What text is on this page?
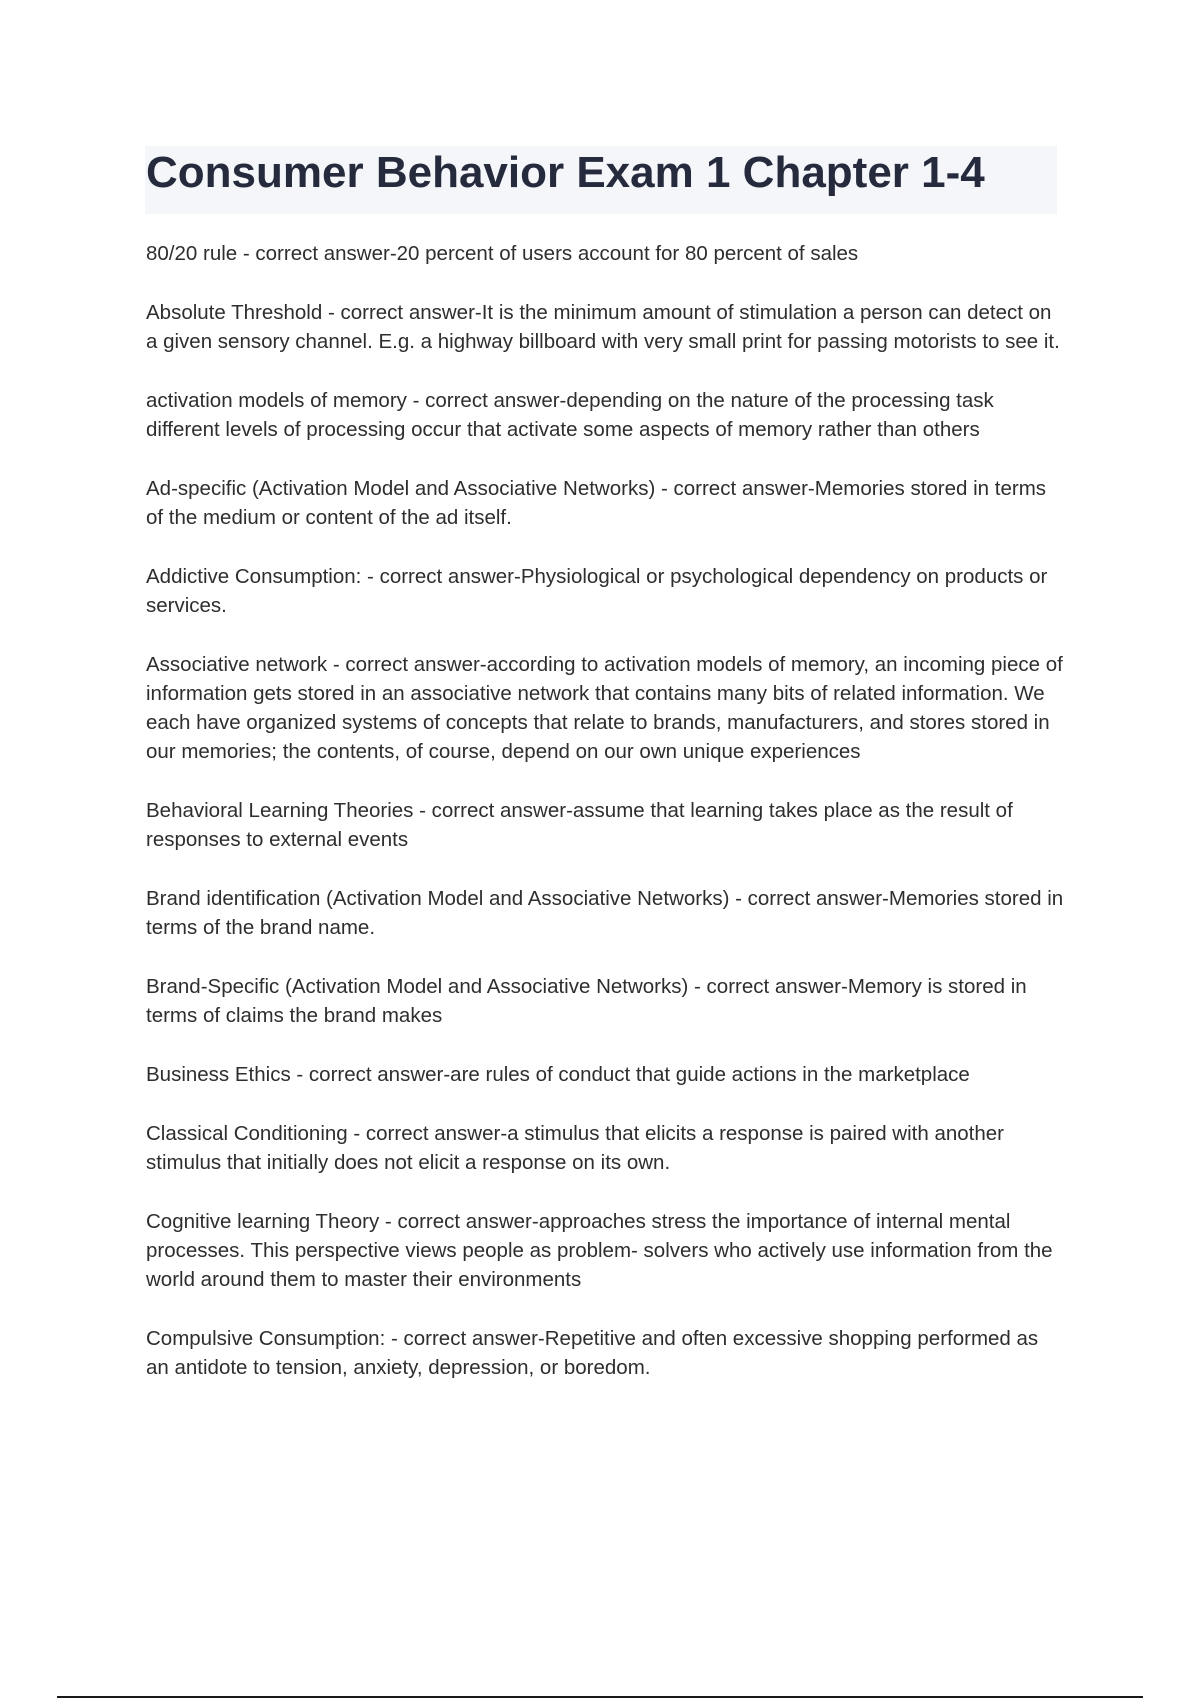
Consumer Behavior Exam 1 Chapter 1-4

80/20 rule - correct answer-20 percent of users account for 80 percent of sales

Absolute Threshold - correct answer-It is the minimum amount of stimulation a person can detect on a given sensory channel. E.g. a highway billboard with very small print for passing motorists to see it.

activation models of memory - correct answer-depending on the nature of the processing task different levels of processing occur that activate some aspects of memory rather than others

Ad-specific (Activation Model and Associative Networks) - correct answer-Memories stored in terms of the medium or content of the ad itself.

Addictive Consumption: - correct answer-Physiological or psychological dependency on products or services.

Associative network - correct answer-according to activation models of memory, an incoming piece of information gets stored in an associative network that contains many bits of related information. We each have organized systems of concepts that relate to brands, manufacturers, and stores stored in our memories; the contents, of course, depend on our own unique experiences

Behavioral Learning Theories - correct answer-assume that learning takes place as the result of responses to external events

Brand identification (Activation Model and Associative Networks) - correct answer-Memories stored in terms of the brand name.

Brand-Specific (Activation Model and Associative Networks) - correct answer-Memory is stored in terms of claims the brand makes

Business Ethics - correct answer-are rules of conduct that guide actions in the marketplace

Classical Conditioning - correct answer-a stimulus that elicits a response is paired with another stimulus that initially does not elicit a response on its own.

Cognitive learning Theory - correct answer-approaches stress the importance of internal mental processes. This perspective views people as problem- solvers who actively use information from the world around them to master their environments

Compulsive Consumption: - correct answer-Repetitive and often excessive shopping performed as an antidote to tension, anxiety, depression, or boredom.
